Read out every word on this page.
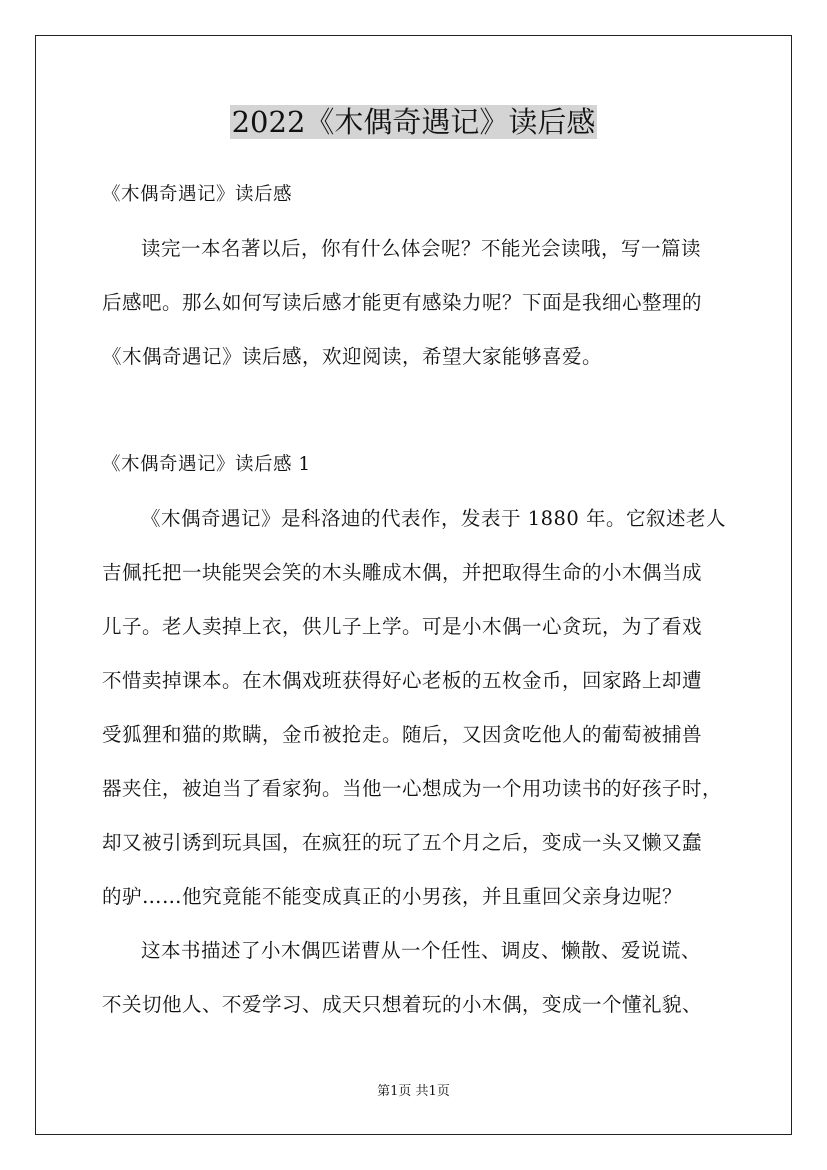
2022《木偶奇遇记》读后感

《木偶奇遇记》读后感

读完一本名著以后，你有什么体会呢？不能光会读哦，写一篇读

后感吧。那么如何写读后感才能更有感染力呢？下面是我细心整理的

《木偶奇遇记》读后感，欢迎阅读，希望大家能够喜爱。

《木偶奇遇记》读后感 1

《木偶奇遇记》是科洛迪的代表作，发表于 1880 年。它叙述老人

吉佩托把一块能哭会笑的木头雕成木偶，并把取得生命的小木偶当成

儿子。老人卖掉上衣，供儿子上学。可是小木偶一心贪玩，为了看戏

不惜卖掉课本。在木偶戏班获得好心老板的五枚金币，回家路上却遭

受狐狸和猫的欺瞒，金币被抢走。随后，又因贪吃他人的葡萄被捕兽

器夹住，被迫当了看家狗。当他一心想成为一个用功读书的好孩子时，

却又被引诱到玩具国，在疯狂的玩了五个月之后，变成一头又懒又蠢

的驴……他究竟能不能变成真正的小男孩，并且重回父亲身边呢？

这本书描述了小木偶匹诺曹从一个任性、调皮、懒散、爱说谎、

不关切他人、不爱学习、成天只想着玩的小木偶，变成一个懂礼貌、

第1页 共1页
